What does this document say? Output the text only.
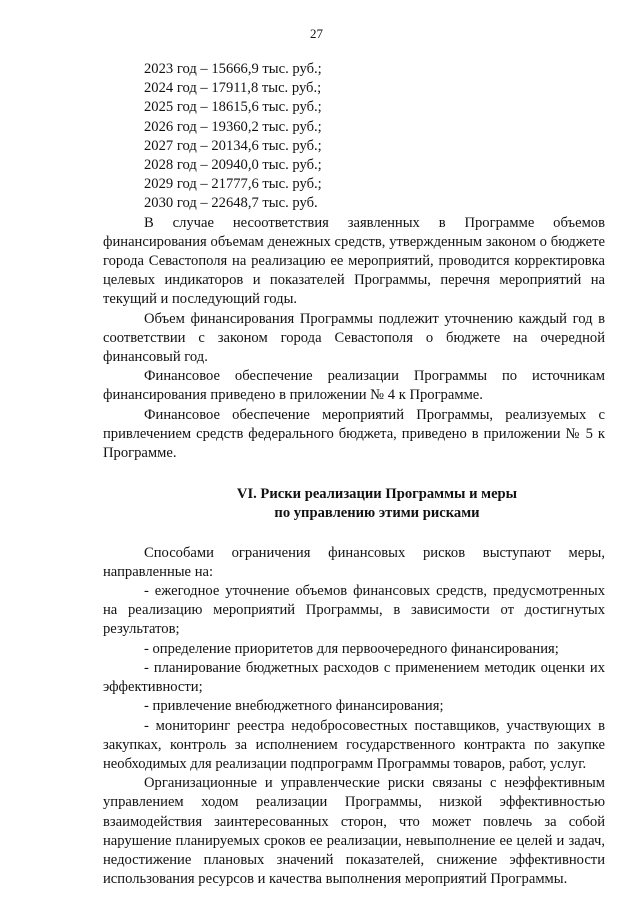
27
2023 год – 15666,9 тыс. руб.;
2024 год – 17911,8 тыс. руб.;
2025 год – 18615,6 тыс. руб.;
2026 год – 19360,2 тыс. руб.;
2027 год – 20134,6 тыс. руб.;
2028 год – 20940,0 тыс. руб.;
2029 год – 21777,6 тыс. руб.;
2030 год – 22648,7 тыс. руб.

В случае несоответствия заявленных в Программе объемов финансирования объемам денежных средств, утвержденным законом о бюджете города Севастополя на реализацию ее мероприятий, проводится корректировка целевых индикаторов и показателей Программы, перечня мероприятий на текущий и последующий годы.

Объем финансирования Программы подлежит уточнению каждый год в соответствии с законом города Севастополя о бюджете на очередной финансовый год.

Финансовое обеспечение реализации Программы по источникам финансирования приведено в приложении № 4 к Программе.

Финансовое обеспечение мероприятий Программы, реализуемых с привлечением средств федерального бюджета, приведено в приложении № 5 к Программе.

VI. Риски реализации Программы и меры
по управлению этими рисками

Способами ограничения финансовых рисков выступают меры, направленные на:

- ежегодное уточнение объемов финансовых средств, предусмотренных на реализацию мероприятий Программы, в зависимости от достигнутых результатов;

- определение приоритетов для первоочередного финансирования;

- планирование бюджетных расходов с применением методик оценки их эффективности;

- привлечение внебюджетного финансирования;

- мониторинг реестра недобросовестных поставщиков, участвующих в закупках, контроль за исполнением государственного контракта по закупке необходимых для реализации подпрограмм Программы товаров, работ, услуг.

Организационные и управленческие риски связаны с неэффективным управлением ходом реализации Программы, низкой эффективностью взаимодействия заинтересованных сторон, что может повлечь за собой нарушение планируемых сроков ее реализации, невыполнение ее целей и задач, недостижение плановых значений показателей, снижение эффективности использования ресурсов и качества выполнения мероприятий Программы.
